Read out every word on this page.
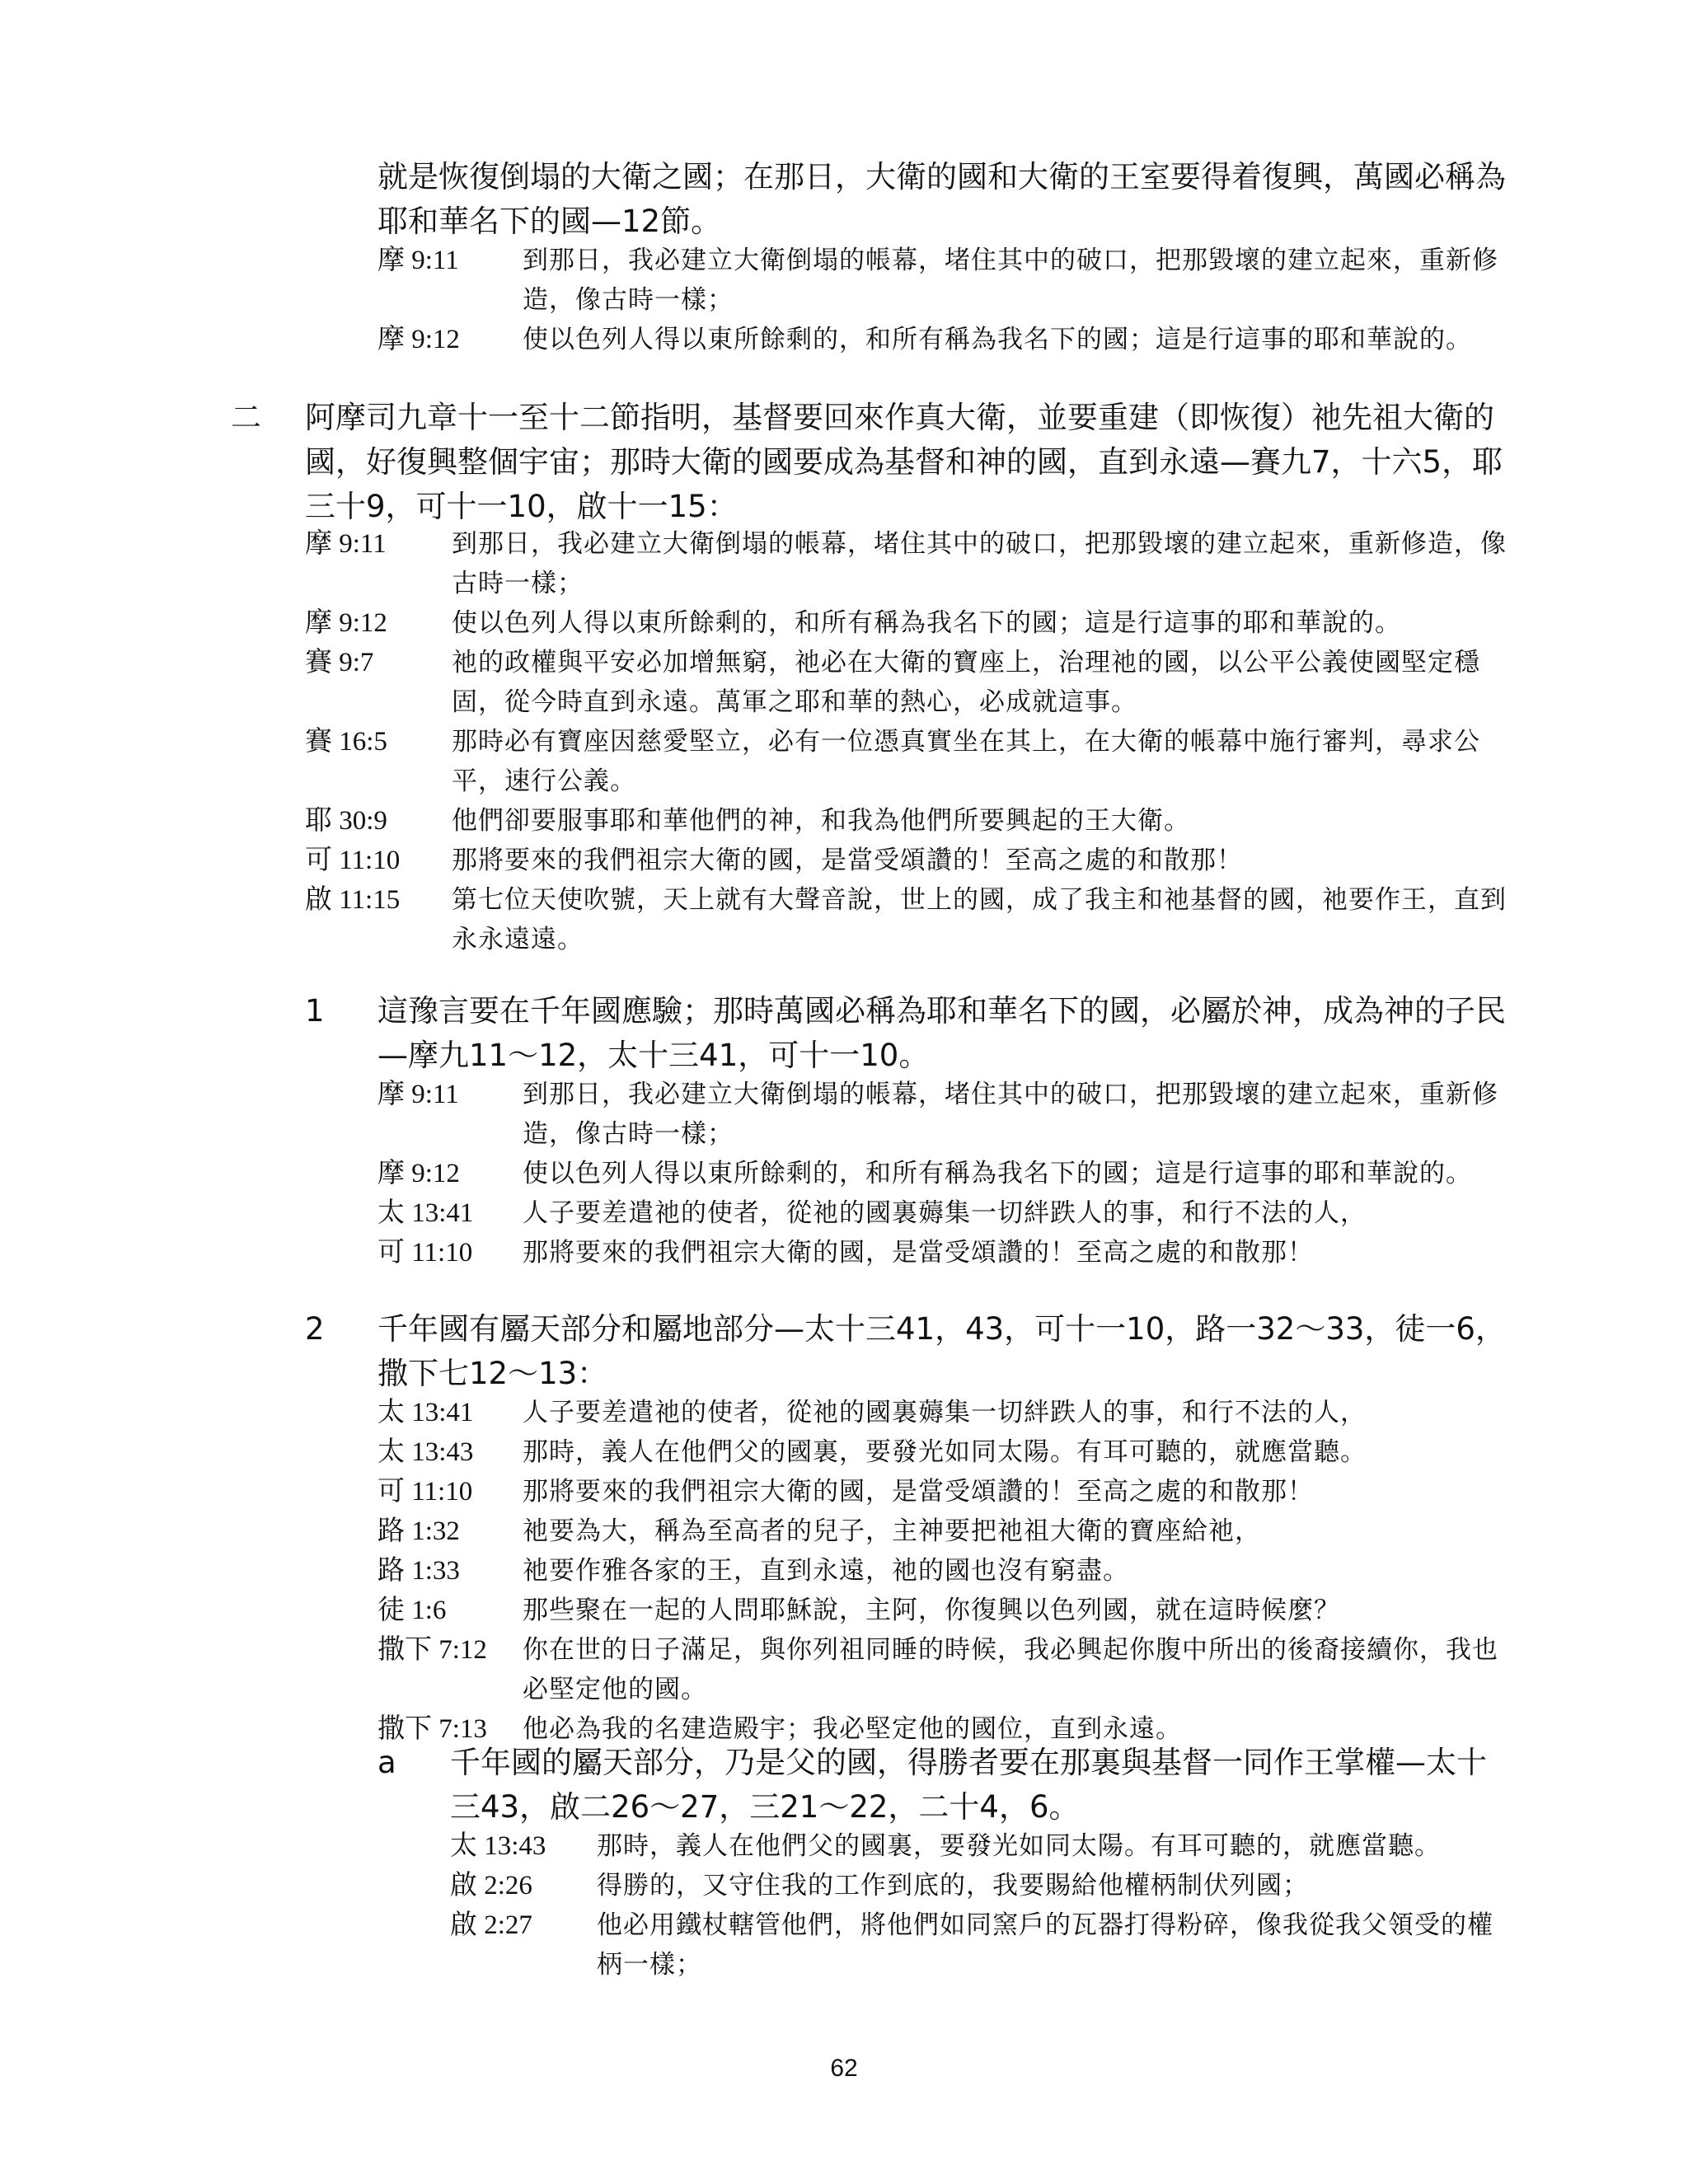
就是恢復倒塌的大衛之國；在那日，大衛的國和大衛的王室要得着復興，萬國必稱為耶和華名下的國—12節。
摩 9:11	到那日，我必建立大衛倒塌的帳幕，堵住其中的破口，把那毀壞的建立起來，重新修造，像古時一樣；
摩 9:12	使以色列人得以東所餘剩的，和所有稱為我名下的國；這是行這事的耶和華說的。
二 阿摩司九章十一至十二節指明，基督要回來作真大衛，並要重建（即恢復）祂先祖大衛的國，好復興整個宇宙；那時大衛的國要成為基督和神的國，直到永遠—賽九7，十六5，耶三十9，可十一10，啟十一15：
摩 9:11	到那日，我必建立大衛倒塌的帳幕，堵住其中的破口，把那毀壞的建立起來，重新修造，像古時一樣；
摩 9:12	使以色列人得以東所餘剩的，和所有稱為我名下的國；這是行這事的耶和華說的。
賽 9:7	祂的政權與平安必加增無窮，祂必在大衛的寶座上，治理祂的國，以公平公義使國堅定穩固，從今時直到永遠。萬軍之耶和華的熱心，必成就這事。
賽 16:5	那時必有寶座因慈愛堅立，必有一位憑真實坐在其上，在大衛的帳幕中施行審判，尋求公平，速行公義。
耶 30:9	他們卻要服事耶和華他們的神，和我為他們所要興起的王大衛。
可 11:10	那將要來的我們祖宗大衛的國，是當受頌讚的！至高之處的和散那！
啟 11:15	第七位天使吹號，天上就有大聲音說，世上的國，成了我主和祂基督的國，祂要作王，直到永永遠遠。
1 這豫言要在千年國應驗；那時萬國必稱為耶和華名下的國，必屬於神，成為神的子民—摩九11～12，太十三41，可十一10。
摩 9:11	到那日，我必建立大衛倒塌的帳幕，堵住其中的破口，把那毀壞的建立起來，重新修造，像古時一樣；
摩 9:12	使以色列人得以東所餘剩的，和所有稱為我名下的國；這是行這事的耶和華說的。
太 13:41	人子要差遣祂的使者，從祂的國裏薅集一切絆跌人的事，和行不法的人，
可 11:10	那將要來的我們祖宗大衛的國，是當受頌讚的！至高之處的和散那！
2 千年國有屬天部分和屬地部分—太十三41，43，可十一10，路一32～33，徒一6，撒下七12～13：
太 13:41	人子要差遣祂的使者，從祂的國裏薅集一切絆跌人的事，和行不法的人，
太 13:43	那時，義人在他們父的國裏，要發光如同太陽。有耳可聽的，就應當聽。
可 11:10	那將要來的我們祖宗大衛的國，是當受頌讚的！至高之處的和散那！
路 1:32	祂要為大，稱為至高者的兒子，主神要把祂祖大衛的寶座給祂，
路 1:33	祂要作雅各家的王，直到永遠，祂的國也沒有窮盡。
徒 1:6	那些聚在一起的人問耶穌說，主阿，你復興以色列國，就在這時候麼？
撒下 7:12	你在世的日子滿足，與你列祖同睡的時候，我必興起你腹中所出的後裔接續你，我也必堅定他的國。
撒下 7:13	他必為我的名建造殿宇；我必堅定他的國位，直到永遠。
a 千年國的屬天部分，乃是父的國，得勝者要在那裏與基督一同作王掌權—太十三43，啟二26～27，三21～22，二十4，6。
太 13:43	那時，義人在他們父的國裏，要發光如同太陽。有耳可聽的，就應當聽。
啟 2:26	得勝的，又守住我的工作到底的，我要賜給他權柄制伏列國；
啟 2:27	他必用鐵杖轄管他們，將他們如同窯戶的瓦器打得粉碎，像我從我父領受的權柄一樣；
62
